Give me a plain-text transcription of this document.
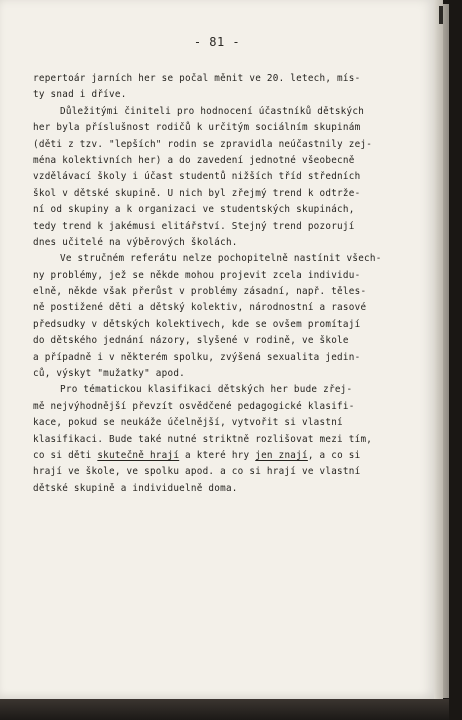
- 81 -
repertoár jarních her se počal měnit ve 20. letech, mís-
ty snad i dříve.
Důležitými činiteli pro hodnocení účastníků dětských
her byla příslušnost rodičů k určitým sociálním skupinám
(děti z tzv. "lepších" rodin se zpravidla neúčastnily zej-
ména kolektivních her) a do zavedení jednotné všeobecně
vzdělávací školy i účast studentů nižších tříd středních
škol v dětské skupině. U nich byl zřejmý trend k odtrže-
ní od skupiny a k organizaci ve studentských skupinách,
tedy trend k jakémusi elitářství. Stejný trend pozorují
dnes učitelé na výběrových školách.
Ve stručném referátu nelze pochopitelně nastínit všech-
ny problémy, jež se někde mohou projevit zcela individu-
elně, někde však přerůst v problémy zásadní, např. těles-
ně postižené děti a dětský kolektiv, národnostní a rasové
předsudky v dětských kolektivech, kde se ovšem promítají
do dětského jednání názory, slyšené v rodině, ve škole
a případně i v některém spolku, zvýšená sexualita jedin-
ců, výskyt "mužatky" apod.
Pro tématickou klasifikaci dětských her bude zřej-
mě nejvýhodnější převzít osvědčené pedagogické klasifi-
kace, pokud se neukáže účelnější, vytvořit si vlastní
klasifikaci. Bude také nutné striktně rozlišovat mezi tím,
co si děti skutečně hrají a které hry jen znají, a co si
hrají ve škole, ve spolku apod. a co si hrají ve vlastní
dětské skupině a individuelně doma.
